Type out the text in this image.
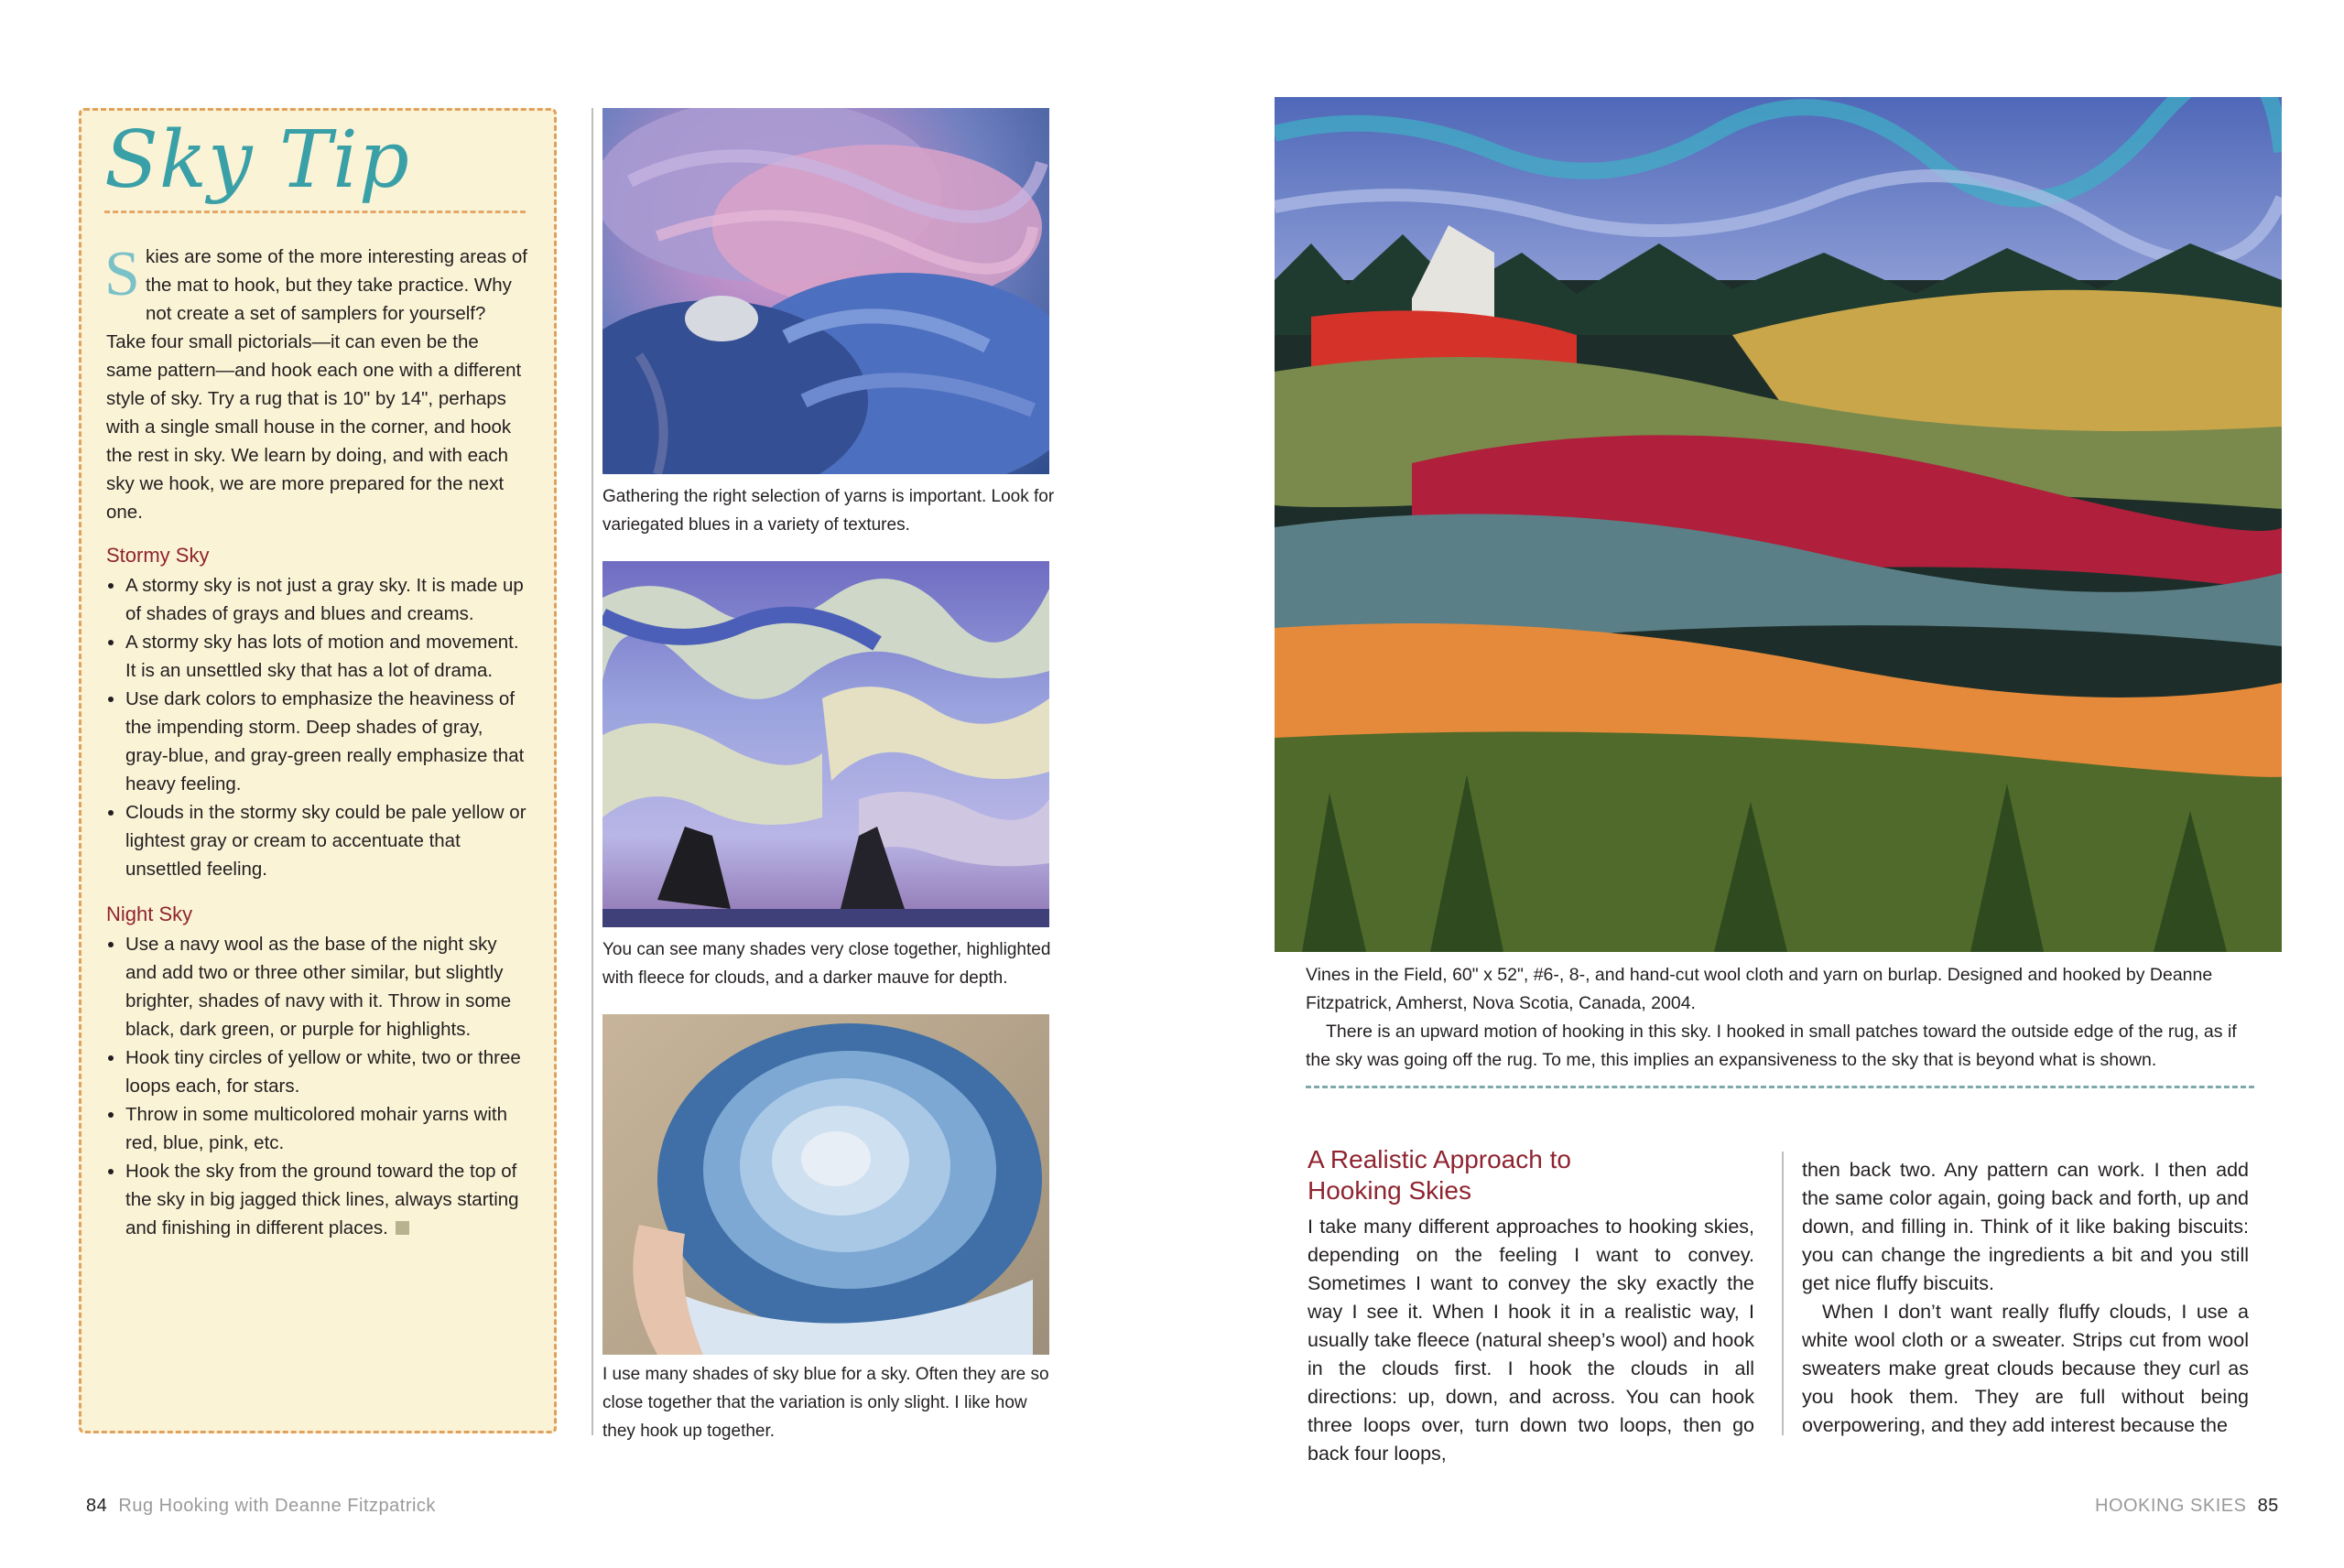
Sky Tip
Skies are some of the more interesting areas of the mat to hook, but they take practice. Why not create a set of samplers for yourself? Take four small pictorials—it can even be the same pattern—and hook each one with a different style of sky. Try a rug that is 10" by 14", perhaps with a single small house in the corner, and hook the rest in sky. We learn by doing, and with each sky we hook, we are more prepared for the next one.
Stormy Sky
A stormy sky is not just a gray sky. It is made up of shades of grays and blues and creams.
A stormy sky has lots of motion and movement. It is an unsettled sky that has a lot of drama.
Use dark colors to emphasize the heaviness of the impending storm. Deep shades of gray, gray-blue, and gray-green really emphasize that heavy feeling.
Clouds in the stormy sky could be pale yellow or lightest gray or cream to accentuate that unsettled feeling.
Night Sky
Use a navy wool as the base of the night sky and add two or three other similar, but slightly brighter, shades of navy with it. Throw in some black, dark green, or purple for highlights.
Hook tiny circles of yellow or white, two or three loops each, for stars.
Throw in some multicolored mohair yarns with red, blue, pink, etc.
Hook the sky from the ground toward the top of the sky in big jagged thick lines, always starting and finishing in different places.
Gathering the right selection of yarns is important. Look for variegated blues in a variety of textures.
You can see many shades very close together, highlighted with fleece for clouds, and a darker mauve for depth.
I use many shades of sky blue for a sky. Often they are so close together that the variation is only slight. I like how they hook up together.
84 Rug Hooking with Deanne Fitzpatrick
Vines in the Field, 60" x 52", #6-, 8-, and hand-cut wool cloth and yarn on burlap. Designed and hooked by Deanne Fitzpatrick, Amherst, Nova Scotia, Canada, 2004.
There is an upward motion of hooking in this sky. I hooked in small patches toward the outside edge of the rug, as if the sky was going off the rug. To me, this implies an expansiveness to the sky that is beyond what is shown.
A Realistic Approach to Hooking Skies
I take many different approaches to hooking skies, depending on the feeling I want to convey. Sometimes I want to convey the sky exactly the way I see it. When I hook it in a realistic way, I usually take fleece (natural sheep’s wool) and hook in the clouds first. I hook the clouds in all directions: up, down, and across. You can hook three loops over, turn down two loops, then go back four loops,
then back two. Any pattern can work. I then add the same color again, going back and forth, up and down, and filling in. Think of it like baking biscuits: you can change the ingredients a bit and you still get nice fluffy biscuits.
When I don’t want really fluffy clouds, I use a white wool cloth or a sweater. Strips cut from wool sweaters make great clouds because they curl as you hook them. They are full without being overpowering, and they add interest because the
HOOKING SKIES 85
